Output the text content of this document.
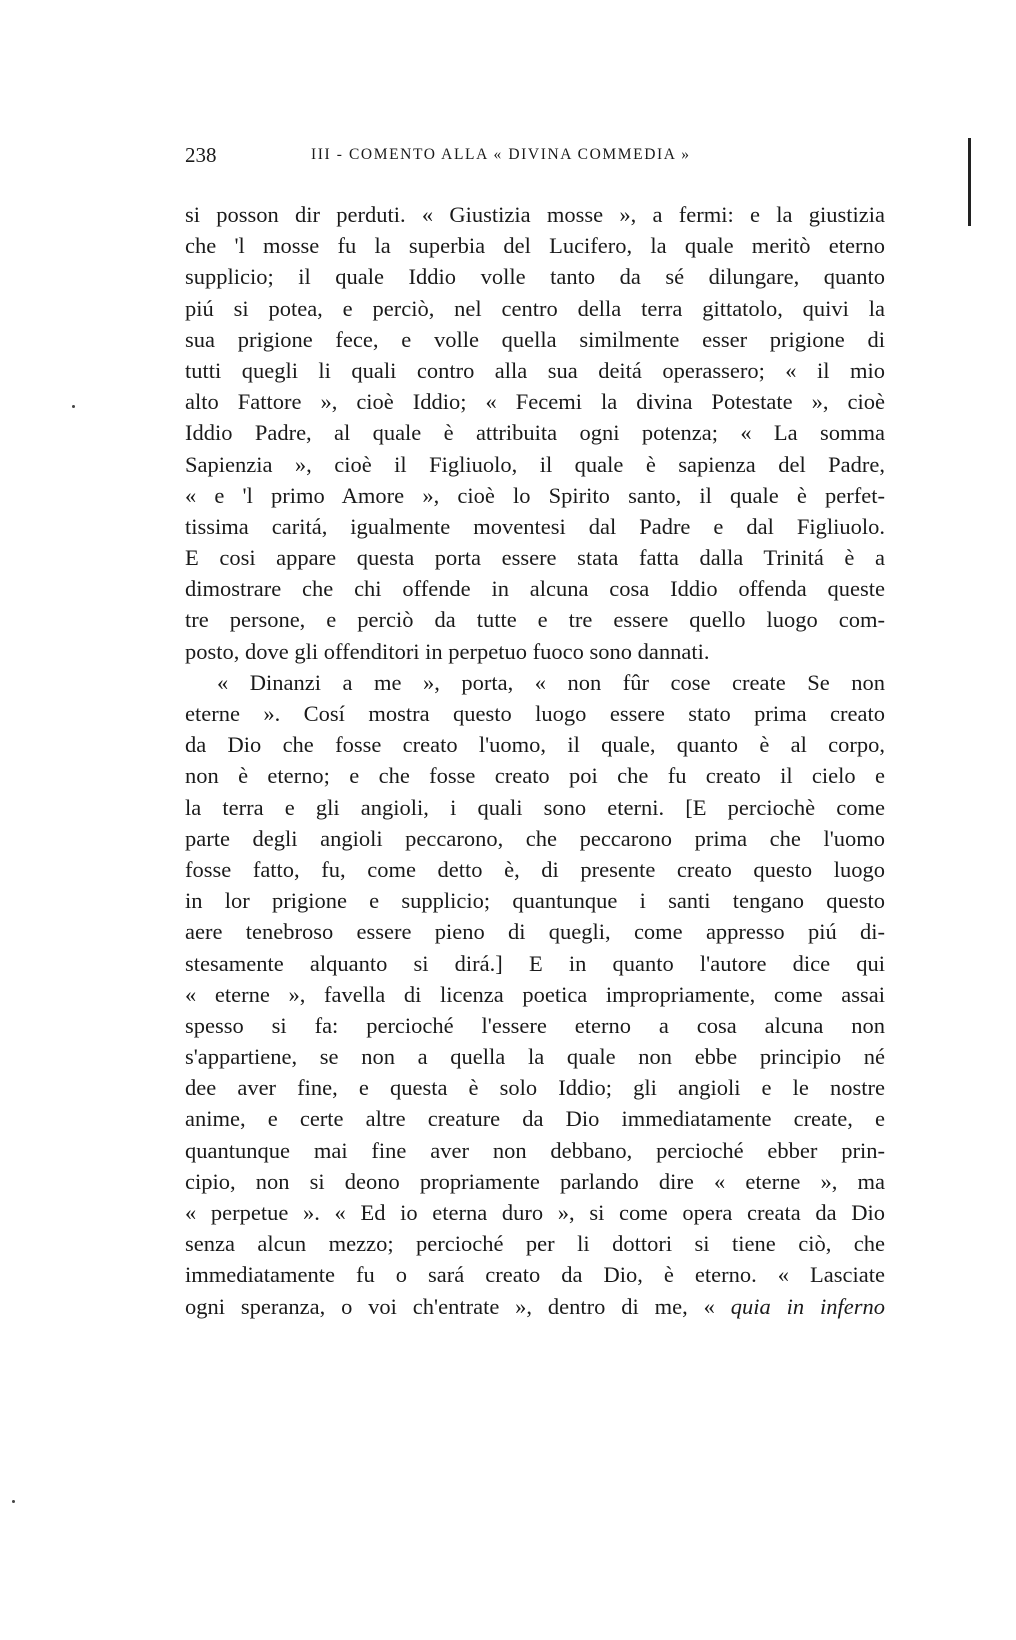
238	III - COMENTO ALLA « DIVINA COMMEDIA »
si posson dir perduti. « Giustizia mosse », a fermi: e la giustizia
che 'l mosse fu la superbia del Lucifero, la quale meritò eterno
supplicio; il quale Iddio volle tanto da sé dilungare, quanto
piú si potea, e perciò, nel centro della terra gittatolo, quivi la
sua prigione fece, e volle quella similmente esser prigione di
tutti quegli li quali contro alla sua deitá operassero; « il mio
alto Fattore », cioè Iddio; « Fecemi la divina Potestate », cioè
Iddio Padre, al quale è attribuita ogni potenza; « La somma
Sapienzia », cioè il Figliuolo, il quale è sapienza del Padre,
« e 'l primo Amore », cioè lo Spirito santo, il quale è perfet-
tissima caritá, igualmente moventesi dal Padre e dal Figliuolo.
E cosi appare questa porta essere stata fatta dalla Trinitá è a
dimostrare che chi offende in alcuna cosa Iddio offenda queste
tre persone, e perciò da tutte e tre essere quello luogo com-
posto, dove gli offenditori in perpetuo fuoco sono dannati.
« Dinanzi a me », porta, « non fûr cose create Se non
eterne ». Cosí mostra questo luogo essere stato prima creato
da Dio che fosse creato l'uomo, il quale, quanto è al corpo,
non è eterno; e che fosse creato poi che fu creato il cielo e
la terra e gli angioli, i quali sono eterni. [E perciochè come
parte degli angioli peccarono, che peccarono prima che l'uomo
fosse fatto, fu, come detto è, di presente creato questo luogo
in lor prigione e supplicio; quantunque i santi tengano questo
aere tenebroso essere pieno di quegli, come appresso piú di-
stesamente alquanto si dirá.] E in quanto l'autore dice qui
« eterne », favella di licenza poetica impropriamente, come assai
spesso si fa: percioché l'essere eterno a cosa alcuna non
s'appartiene, se non a quella la quale non ebbe principio né
dee aver fine, e questa è solo Iddio; gli angioli e le nostre
anime, e certe altre creature da Dio immediatamente create, e
quantunque mai fine aver non debbano, percioché ebber prin-
cipio, non si deono propriamente parlando dire « eterne », ma
« perpetue ». « Ed io eterna duro », si come opera creata da Dio
senza alcun mezzo; percioché per li dottori si tiene ciò, che
immediatamente fu o sará creato da Dio, è eterno. « Lasciate
ogni speranza, o voi ch'entrate », dentro di me, « quia in inferno
